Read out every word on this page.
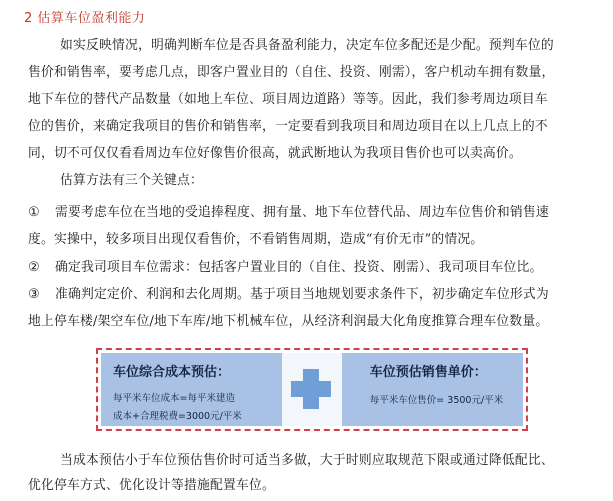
2 估算车位盈利能力
如实反映情况，明确判断车位是否具备盈利能力，决定车位多配还是少配。预判车位的
售价和销售率，要考虑几点，即客户置业目的（自住、投资、刚需），客户机动车拥有数量，
地下车位的替代产品数量（如地上车位、项目周边道路）等等。因此，我们参考周边项目车
位的售价，来确定我项目的售价和销售率，一定要看到我项目和周边项目在以上几点上的不
同，切不可仅仅看看周边车位好像售价很高，就武断地认为我项目售价也可以卖高价。
估算方法有三个关键点：
① 需要考虑车位在当地的受追捧程度、拥有量、地下车位替代品、周边车位售价和销售速
度。实操中，较多项目出现仅看售价，不看销售周期，造成“有价无市”的情况。
② 确定我司项目车位需求：包括客户置业目的（自住、投资、刚需）、我司项目车位比。
③ 准确判定定价、利润和去化周期。基于项目当地规划要求条件下，初步确定车位形式为
地上停车楼/架空车位/地下车库/地下机械车位，从经济利润最大化角度推算合理车位数量。
车位综合成本预估：
每平米车位成本=每平米建造
成本+合理税费=3000元/平米
车位预估销售单价：
每平米车位售价= 3500元/平米
当成本预估小于车位预估售价时可适当多做，大于时则应取规范下限或通过降低配比、
优化停车方式、优化设计等措施配置车位。
